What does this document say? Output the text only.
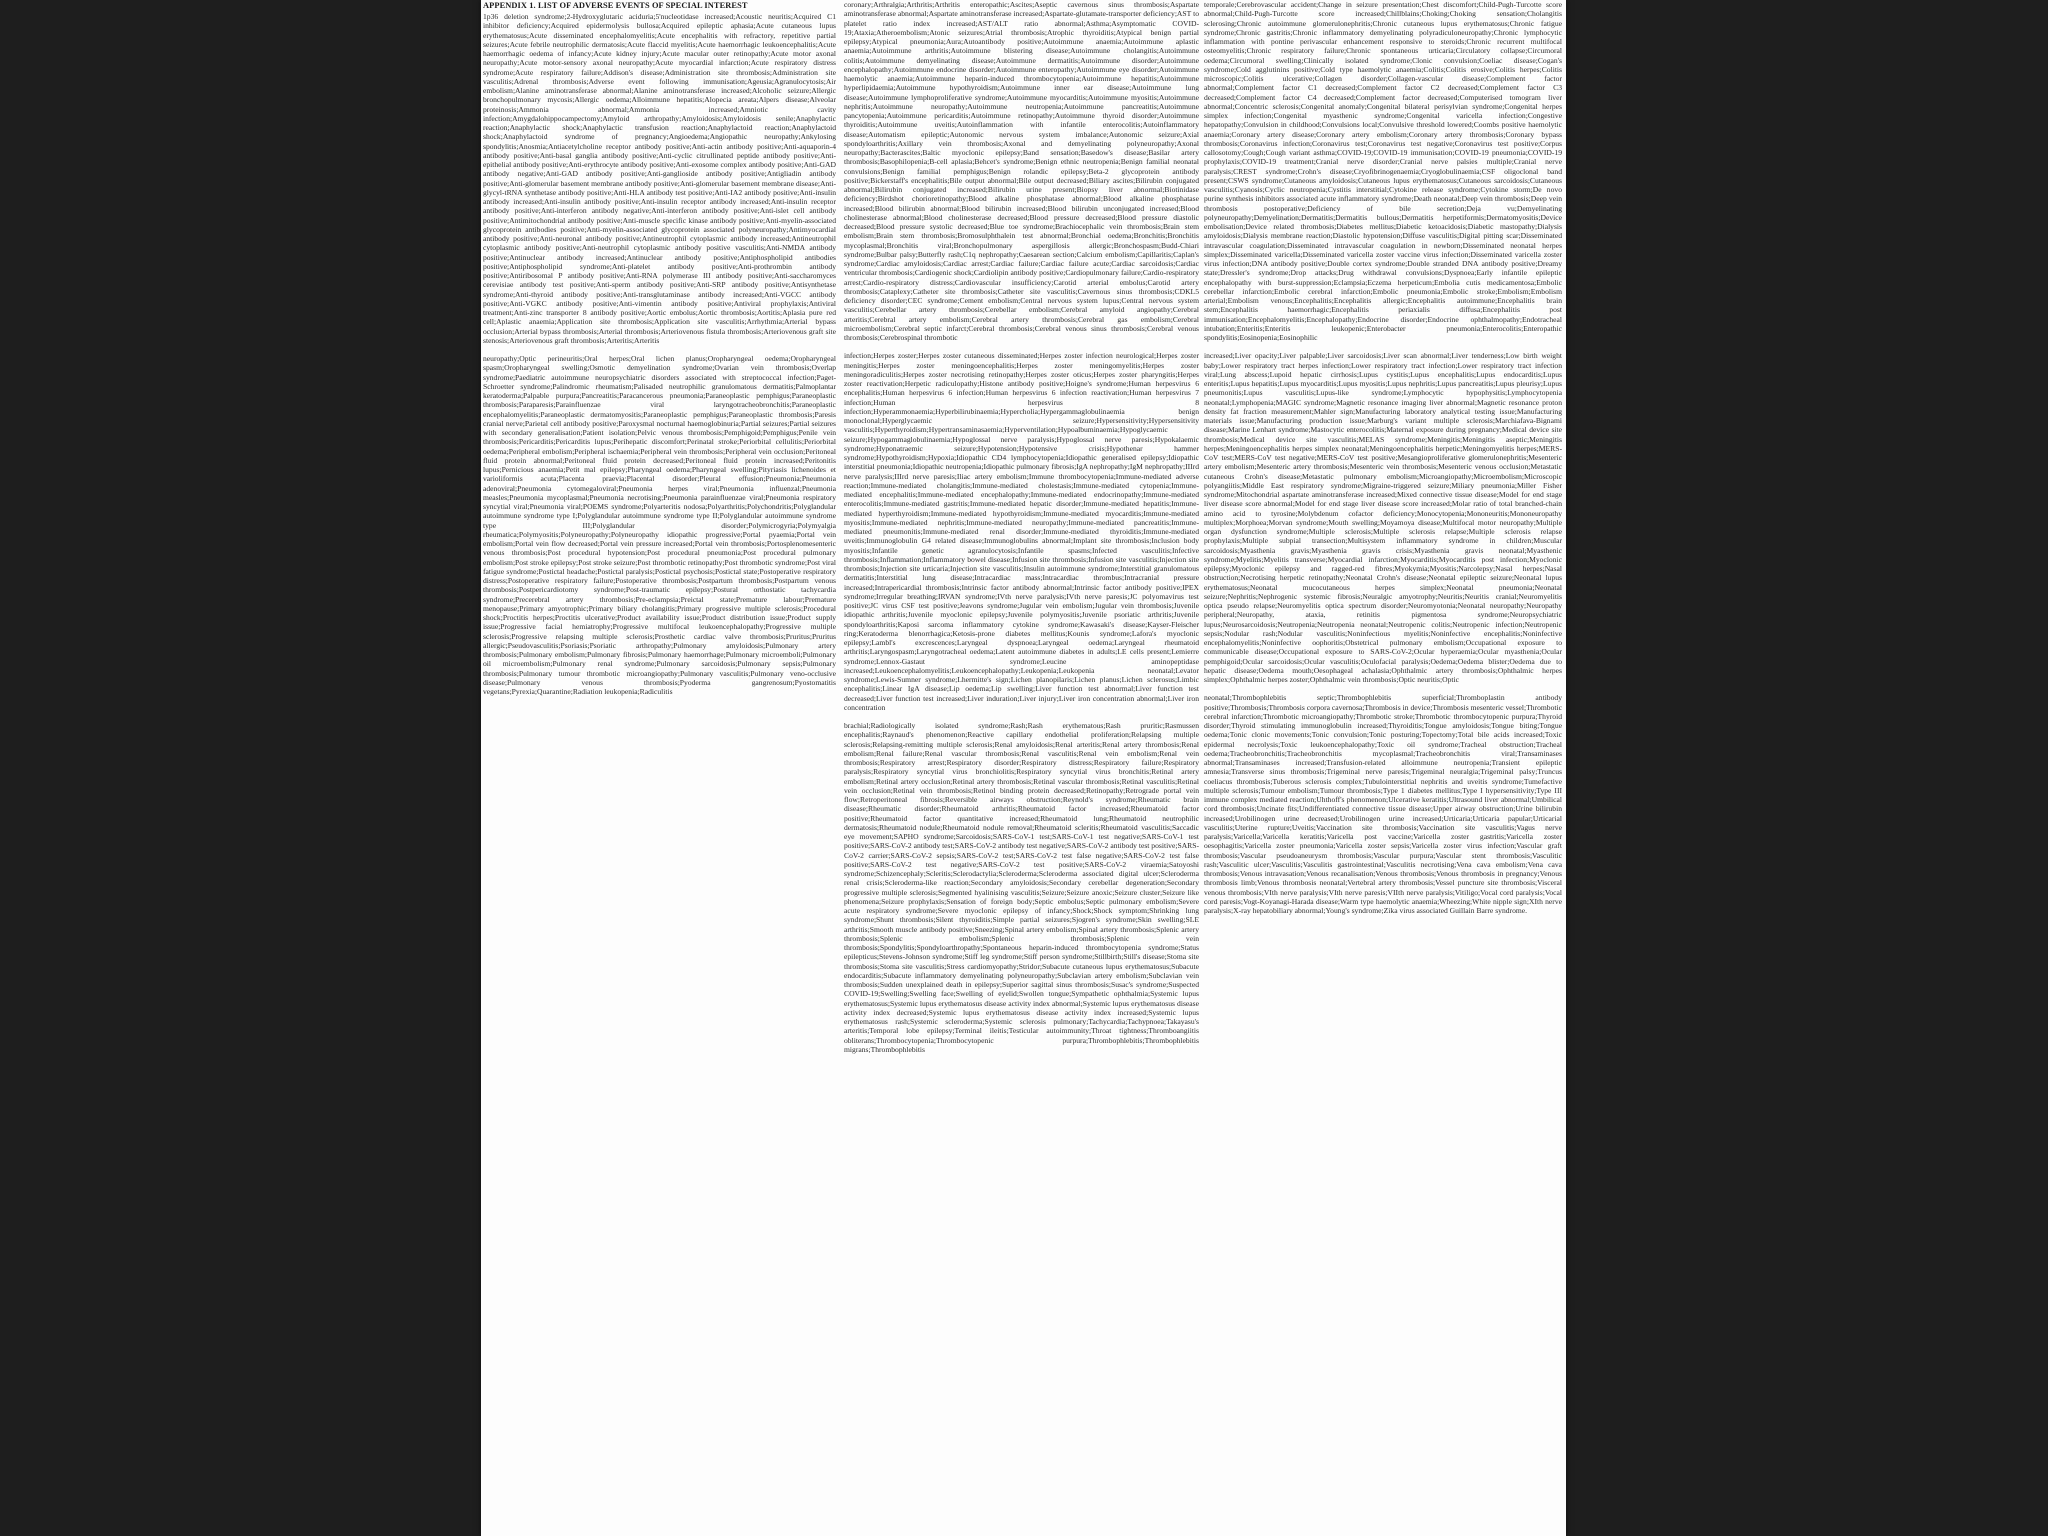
APPENDIX 1. LIST OF ADVERSE EVENTS OF SPECIAL INTEREST

1p36 deletion syndrome;2-Hydroxyglutaric aciduria;5'nucleotidase increased;Acoustic neuritis;Acquired C1 inhibitor deficiency;Acquired epidermolysis bullosa;Acquired epileptic aphasia;Acute cutaneous lupus erythematosus;Acute disseminated encephalomyelitis;Acute encephalitis with refractory, repetitive partial seizures;Acute febrile neutrophilic dermatosis;Acute flaccid myelitis;Acute haemorrhagic leukoencephalitis;Acute haemorrhagic oedema of infancy;Acute kidney injury;Acute macular outer retinopathy;Acute motor axonal neuropathy;Acute motor-sensory axonal neuropathy;Acute myocardial infarction;Acute respiratory distress syndrome;Acute respiratory failure;Addison's disease;Administration site thrombosis;Administration site vasculitis;Adrenal thrombosis;Adverse event following immunisation;Ageusia;Agranulocytosis;Air embolism;Alanine aminotransferase abnormal;Alanine aminotransferase increased;Alcoholic seizure;Allergic bronchopulmonary mycosis;Allergic oedema;Alloimmune hepatitis;Alopecia areata;Alpers disease;Alveolar proteinosis;Ammonia abnormal;Ammonia increased;Amniotic cavity infection;Amygdalohippocampectomy;Amyloid arthropathy;Amyloidosis;Amyloidosis senile;Anaphylactic reaction;Anaphylactic shock;Anaphylactic transfusion reaction;Anaphylactoid reaction;Anaphylactoid shock;Anaphylactoid syndrome of pregnancy;Angioedema;Angiopathic neuropathy;Ankylosing spondylitis;Anosmia;Antiacetylcholine receptor antibody positive;Anti-actin antibody positive;Anti-aquaporin-4 antibody positive;Anti-basal ganglia antibody positive;Anti-cyclic citrullinated peptide antibody positive;Anti-epithelial antibody positive;Anti-erythrocyte antibody positive;Anti-exosome complex antibody positive;Anti-GAD antibody negative;Anti-GAD antibody positive;Anti-ganglioside antibody positive;Antigliadin antibody positive;Anti-glomerular basement membrane antibody positive;Anti-glomerular basement membrane disease;Anti-glycyl-tRNA synthetase antibody positive;Anti-HLA antibody test positive;Anti-IA2 antibody positive;Anti-insulin antibody increased;Anti-insulin antibody positive;Anti-insulin receptor antibody increased;Anti-insulin receptor antibody positive;Anti-interferon antibody negative;Anti-interferon antibody positive;Anti-islet cell antibody positive;Antimitochondrial antibody positive;Anti-muscle specific kinase antibody positive;Anti-myelin-associated glycoprotein antibodies positive;Anti-myelin-associated glycoprotein associated polyneuropathy;Antimyocardial antibody positive;Anti-neuronal antibody positive;Antineutrophil cytoplasmic antibody increased;Antineutrophil cytoplasmic antibody positive;Anti-neutrophil cytoplasmic antibody positive vasculitis;Anti-NMDA antibody positive;Antinuclear antibody increased;Antinuclear antibody positive;Antiphospholipid antibodies positive;Antiphospholipid syndrome;Anti-platelet antibody positive;Anti-prothrombin antibody positive;Antiribosomal P antibody positive;Anti-RNA polymerase III antibody positive;Anti-saccharomyces cerevisiae antibody test positive;Anti-sperm antibody positive;Anti-SRP antibody positive;Antisynthetase syndrome;Anti-thyroid antibody positive;Anti-transglutaminase antibody increased;Anti-VGCC antibody positive;Anti-VGKC antibody positive;Anti-vimentin antibody positive;Antiviral prophylaxis;Antiviral treatment;Anti-zinc transporter 8 antibody positive;Aortic embolus;Aortic thrombosis;Aortitis;Aplasia pure red cell;Aplastic anaemia;Application site thrombosis;Application site vasculitis;Arrhythmia;Arterial bypass occlusion;Arterial bypass thrombosis;Arterial thrombosis;Arteriovenous fistula thrombosis;Arteriovenous graft site stenosis;Arteriovenous graft thrombosis;Arteritis;Arteritis

neuropathy;Optic perineuritis;Oral herpes;Oral lichen planus;Oropharyngeal oedema;Oropharyngeal spasm;Oropharyngeal swelling;Osmotic demyelination syndrome;Ovarian vein thrombosis;Overlap syndrome;Paediatric autoimmune neuropsychiatric disorders associated with streptococcal infection;Paget-Schroetter syndrome;Palindromic rheumatism;Palisaded neutrophilic granulomatous dermatitis;Palmoplantar keratoderma;Palpable purpura;Pancreatitis;Paracancerous pneumonia;Paraneoplastic pemphigus;Paraneoplastic thrombosis;Paraparesis;Parainfluenzae viral laryngotracheobronchitis;Paraneoplastic encephalomyelitis;Paraneoplastic dermatomyositis;Paraneoplastic pemphigus;Paraneoplastic thrombosis;Paresis cranial nerve;Parietal cell antibody positive;Paroxysmal nocturnal haemoglobinuria;Partial seizures;Partial seizures with secondary generalisation;Patient isolation;Pelvic venous thrombosis;Pemphigoid;Pemphigus;Penile vein thrombosis;Pericarditis;Pericarditis lupus;Perihepatic discomfort;Perinatal stroke;Periorbital cellulitis;Periorbital oedema;Peripheral embolism;Peripheral ischaemia;Peripheral vein thrombosis;Peripheral vein occlusion;Peritoneal fluid protein abnormal;Peritoneal fluid protein decreased;Peritoneal fluid protein increased;Peritonitis lupus;Pernicious anaemia;Petit mal epilepsy;Pharyngeal oedema;Pharyngeal swelling;Pityriasis lichenoides et varioliformis acuta;Placenta praevia;Placental disorder;Pleural effusion;Pneumonia;Pneumonia adenoviral;Pneumonia cytomegaloviral;Pneumonia herpes viral;Pneumonia influenzal;Pneumonia measles;Pneumonia mycoplasmal;Pneumonia necrotising;Pneumonia parainfluenzae viral;Pneumonia respiratory syncytial viral;Pneumonia viral;POEMS syndrome;Polyarteritis nodosa;Polyarthritis;Polychondritis;Polyglandular autoimmune syndrome type I;Polyglandular autoimmune syndrome type II;Polyglandular autoimmune syndrome type III;Polyglandular disorder;Polymicrogyria;Polymyalgia rheumatica;Polymyositis;Polyneuropathy;Polyneuropathy idiopathic progressive;Portal pyaemia;Portal vein embolism;Portal vein flow decreased;Portal vein pressure increased;Portal vein thrombosis;Portosplenomesenteric venous thrombosis;Post procedural hypotension;Post procedural pneumonia;Post procedural pulmonary embolism;Post stroke epilepsy;Post stroke seizure;Post thrombotic retinopathy;Post thrombotic syndrome;Post viral fatigue syndrome;Postictal headache;Postictal paralysis;Postictal psychosis;Postictal state;Postoperative respiratory distress;Postoperative respiratory failure;Postoperative thrombosis;Postpartum thrombosis;Postpartum venous thrombosis;Postpericardiotomy syndrome;Post-traumatic epilepsy;Postural orthostatic tachycardia syndrome;Precerebral artery thrombosis;Pre-eclampsia;Preictal state;Premature labour;Premature menopause;Primary amyotrophic;Primary biliary cholangitis;Primary progressive multiple sclerosis;Procedural shock;Proctitis herpes;Proctitis ulcerative;Product availability issue;Product distribution issue;Product supply issue;Progressive facial hemiatrophy;Progressive multifocal leukoencephalopathy;Progressive multiple sclerosis;Progressive relapsing multiple sclerosis;Prosthetic cardiac valve thrombosis;Pruritus;Pruritus allergic;Pseudovasculitis;Psoriasis;Psoriatic arthropathy;Pulmonary amyloidosis;Pulmonary artery thrombosis;Pulmonary embolism;Pulmonary fibrosis;Pulmonary haemorrhage;Pulmonary microemboli;Pulmonary oil microembolism;Pulmonary renal syndrome;Pulmonary sarcoidosis;Pulmonary sepsis;Pulmonary thrombosis;Pulmonary tumour thrombotic microangiopathy;Pulmonary vasculitis;Pulmonary veno-occlusive disease;Pulmonary venous thrombosis;Pyoderma gangrenosum;Pyostomatitis vegetans;Pyrexia;Quarantine;Radiation leukopenia;Radiculitis

coronary;Arthralgia;Arthritis;Arthritis enteropathic;Ascites;Aseptic cavernous sinus thrombosis;Aspartate aminotransferase abnormal;Aspartate aminotransferase increased;Aspartate-glutamate-transporter deficiency;AST to platelet ratio index increased;AST/ALT ratio abnormal;Asthma;Asymptomatic COVID-19;Ataxia;Atheroembolism;Atonic seizures;Atrial thrombosis;Atrophic thyroiditis;Atypical benign partial epilepsy;Atypical pneumonia;Aura;Autoantibody positive;Autoimmune anaemia;Autoimmune aplastic anaemia;Autoimmune arthritis;Autoimmune blistering disease;Autoimmune cholangitis;Autoimmune colitis;Autoimmune demyelinating disease;Autoimmune dermatitis;Autoimmune disorder;Autoimmune encephalopathy;Autoimmune endocrine disorder;Autoimmune enteropathy;Autoimmune eye disorder;Autoimmune haemolytic anaemia;Autoimmune heparin-induced thrombocytopenia;Autoimmune hepatitis;Autoimmune hyperlipidaemia;Autoimmune hypothyroidism;Autoimmune inner ear disease;Autoimmune lung disease;Autoimmune lymphoproliferative syndrome;Autoimmune myocarditis;Autoimmune myositis;Autoimmune nephritis;Autoimmune neuropathy;Autoimmune neutropenia;Autoimmune pancreatitis;Autoimmune pancytopenia;Autoimmune pericarditis;Autoimmune retinopathy;Autoimmune thyroid disorder;Autoimmune thyroiditis;Autoimmune uveitis;Autoinflammation with infantile enterocolitis;Autoinflammatory disease;Automatism epileptic;Autonomic nervous system imbalance;Autonomic seizure;Axial spondyloarthritis;Axillary vein thrombosis;Axonal and demyelinating polyneuropathy;Axonal neuropathy;Bacterascites;Baltic myoclonic epilepsy;Band sensation;Basedow's disease;Basilar artery thrombosis;Basophilopenia;B-cell aplasia;Behcet's syndrome;Benign ethnic neutropenia;Benign familial neonatal convulsions;Benign familial pemphigus;Benign rolandic epilepsy;Beta-2 glycoprotein antibody positive;Bickerstaff's encephalitis;Bile output abnormal;Bile output decreased;Biliary ascites;Bilirubin conjugated abnormal;Bilirubin conjugated increased;Bilirubin urine present;Biopsy liver abnormal;Biotinidase deficiency;Birdshot chorioretinopathy;Blood alkaline phosphatase abnormal;Blood alkaline phosphatase increased;Blood bilirubin abnormal;Blood bilirubin increased;Blood bilirubin unconjugated increased;Blood cholinesterase abnormal;Blood cholinesterase decreased;Blood pressure decreased;Blood pressure diastolic decreased;Blood pressure systolic decreased;Blue toe syndrome;Brachiocephalic vein thrombosis;Brain stem embolism;Brain stem thrombosis;Bromosulphthalein test abnormal;Bronchial oedema;Bronchitis;Bronchitis mycoplasmal;Bronchitis viral;Bronchopulmonary aspergillosis allergic;Bronchospasm;Budd-Chiari syndrome;Bulbar palsy;Butterfly rash;C1q nephropathy;Caesarean section;Calcium embolism;Capillaritis;Caplan's syndrome;Cardiac amyloidosis;Cardiac arrest;Cardiac failure;Cardiac failure acute;Cardiac sarcoidosis;Cardiac ventricular thrombosis;Cardiogenic shock;Cardiolipin antibody positive;Cardiopulmonary failure;Cardio-respiratory arrest;Cardio-respiratory distress;Cardiovascular insufficiency;Carotid arterial embolus;Carotid artery thrombosis;Cataplexy;Catheter site thrombosis;Catheter site vasculitis;Cavernous sinus thrombosis;CDKL5 deficiency disorder;CEC syndrome;Cement embolism;Central nervous system lupus;Central nervous system vasculitis;Cerebellar artery thrombosis;Cerebellar embolism;Cerebral amyloid angiopathy;Cerebral arteritis;Cerebral artery embolism;Cerebral artery thrombosis;Cerebral gas embolism;Cerebral microembolism;Cerebral septic infarct;Cerebral thrombosis;Cerebral venous sinus thrombosis;Cerebral venous thrombosis;Cerebrospinal thrombotic

infection;Herpes zoster;Herpes zoster cutaneous disseminated;Herpes zoster infection neurological;Herpes zoster meningitis;Herpes zoster meningoencephalitis;Herpes zoster meningomyelitis;Herpes zoster meningoradiculitis;Herpes zoster necrotising retinopathy;Herpes zoster oticus;Herpes zoster pharyngitis;Herpes zoster reactivation;Herpetic radiculopathy;Histone antibody positive;Hoigne's syndrome;Human herpesvirus 6 encephalitis;Human herpesvirus 6 infection;Human herpesvirus 6 infection reactivation;Human herpesvirus 7 infection;Human herpesvirus 8 infection;Hyperammonaemia;Hyperbilirubinaemia;Hypercholia;Hypergammaglobulinaemia benign monoclonal;Hyperglycaemic seizure;Hypersensitivity;Hypersensitivity vasculitis;Hyperthyroidism;Hypertransaminasaemia;Hyperventilation;Hypoalbuminaemia;Hypoglycaemic seizure;Hypogammaglobulinaemia;Hypoglossal nerve paralysis;Hypoglossal nerve paresis;Hypokalaemic syndrome;Hyponatraemic seizure;Hypotension;Hypotensive crisis;Hypothenar hammer syndrome;Hypothyroidism;Hypoxia;Idiopathic CD4 lymphocytopenia;Idiopathic generalised epilepsy;Idiopathic interstitial pneumonia;Idiopathic neutropenia;Idiopathic pulmonary fibrosis;IgA nephropathy;IgM nephropathy;IIIrd nerve paralysis;IIIrd nerve paresis;Iliac artery embolism;Immune thrombocytopenia;Immune-mediated adverse reaction;Immune-mediated cholangitis;Immune-mediated cholestasis;Immune-mediated cytopenia;Immune-mediated encephalitis;Immune-mediated encephalopathy;Immune-mediated endocrinopathy;Immune-mediated enterocolitis;Immune-mediated gastritis;Immune-mediated hepatic disorder;Immune-mediated hepatitis;Immune-mediated hyperthyroidism;Immune-mediated hypothyroidism;Immune-mediated myocarditis;Immune-mediated myositis;Immune-mediated nephritis;Immune-mediated neuropathy;Immune-mediated pancreatitis;Immune-mediated pneumonitis;Immune-mediated renal disorder;Immune-mediated thyroiditis;Immune-mediated uveitis;Immunoglobulin G4 related disease;Immunoglobulins abnormal;Implant site thrombosis;Inclusion body myositis;Infantile genetic agranulocytosis;Infantile spasms;Infected vasculitis;Infective thrombosis;Inflammation;Inflammatory bowel disease;Infusion site thrombosis;Infusion site vasculitis;Injection site thrombosis;Injection site urticaria;Injection site vasculitis;Insulin autoimmune syndrome;Interstitial granulomatous dermatitis;Interstitial lung disease;Intracardiac mass;Intracardiac thrombus;Intracranial pressure increased;Intrapericardial thrombosis;Intrinsic factor antibody abnormal;Intrinsic factor antibody positive;IPEX syndrome;Irregular breathing;IRVAN syndrome;IVth nerve paralysis;IVth nerve paresis;JC polyomavirus test positive;JC virus CSF test positive;Jeavons syndrome;Jugular vein embolism;Jugular vein thrombosis;Juvenile idiopathic arthritis;Juvenile myoclonic epilepsy;Juvenile polymyositis;Juvenile psoriatic arthritis;Juvenile spondyloarthritis;Kaposi sarcoma inflammatory cytokine syndrome;Kawasaki's disease;Kayser-Fleischer ring;Keratoderma blenorrhagica;Ketosis-prone diabetes mellitus;Kounis syndrome;Lafora's myoclonic epilepsy;Lambl's excrescences;Laryngeal dyspnoea;Laryngeal oedema;Laryngeal rheumatoid arthritis;Laryngospasm;Laryngotracheal oedema;Latent autoimmune diabetes in adults;LE cells present;Lemierre syndrome;Lennox-Gastaut syndrome;Leucine aminopeptidase increased;Leukoencephalomyelitis;Leukoencephalopathy;Leukopenia;Leukopenia neonatal;Levator syndrome;Lewis-Sumner syndrome;Lhermitte's sign;Lichen planopilaris;Lichen planus;Lichen sclerosus;Limbic encephalitis;Linear IgA disease;Lip oedema;Lip swelling;Liver function test abnormal;Liver function test decreased;Liver function test increased;Liver induration;Liver injury;Liver iron concentration abnormal;Liver iron concentration

brachial;Radiologically isolated syndrome;Rash;Rash erythematous;Rash pruritic;Rasmussen encephalitis;Raynaud's phenomenon;Reactive capillary endothelial proliferation;Relapsing multiple sclerosis;Relapsing-remitting multiple sclerosis;Renal amyloidosis;Renal arteritis;Renal artery thrombosis;Renal embolism;Renal failure;Renal vascular thrombosis;Renal vasculitis;Renal vein embolism;Renal vein thrombosis;Respiratory arrest;Respiratory disorder;Respiratory distress;Respiratory failure;Respiratory paralysis;Respiratory syncytial virus bronchiolitis;Respiratory syncytial virus bronchitis;Retinal artery embolism;Retinal artery occlusion;Retinal artery thrombosis;Retinal vascular thrombosis;Retinal vasculitis;Retinal vein occlusion;Retinal vein thrombosis;Retinol binding protein decreased;Retinopathy;Retrograde portal vein flow;Retroperitoneal fibrosis;Reversible airways obstruction;Reynold's syndrome;Rheumatic brain disease;Rheumatic disorder;Rheumatoid arthritis;Rheumatoid factor increased;Rheumatoid factor positive;Rheumatoid factor quantitative increased;Rheumatoid lung;Rheumatoid neutrophilic dermatosis;Rheumatoid nodule;Rheumatoid nodule removal;Rheumatoid scleritis;Rheumatoid vasculitis;Saccadic eye movement;SAPHO syndrome;Sarcoidosis;SARS-CoV-1 test;SARS-CoV-1 test negative;SARS-CoV-1 test positive;SARS-CoV-2 antibody test;SARS-CoV-2 antibody test negative;SARS-CoV-2 antibody test positive;SARS-CoV-2 carrier;SARS-CoV-2 sepsis;SARS-CoV-2 test;SARS-CoV-2 test false negative;SARS-CoV-2 test false positive;SARS-CoV-2 test negative;SARS-CoV-2 test positive;SARS-CoV-2 viraemia;Satoyoshi syndrome;Schizencephaly;Scleritis;Sclerodactylia;Scleroderma;Scleroderma associated digital ulcer;Scleroderma renal crisis;Scleroderma-like reaction;Secondary amyloidosis;Secondary cerebellar degeneration;Secondary progressive multiple sclerosis;Segmented hyalinising vasculitis;Seizure;Seizure anoxic;Seizure cluster;Seizure like phenomena;Seizure prophylaxis;Sensation of foreign body;Septic embolus;Septic pulmonary embolism;Severe acute respiratory syndrome;Severe myoclonic epilepsy of infancy;Shock;Shock symptom;Shrinking lung syndrome;Shunt thrombosis;Silent thyroiditis;Simple partial seizures;Sjogren's syndrome;Skin swelling;SLE arthritis;Smooth muscle antibody positive;Sneezing;Spinal artery embolism;Spinal artery thrombosis;Splenic artery thrombosis;Splenic embolism;Splenic thrombosis;Splenic vein thrombosis;Spondylitis;Spondyloarthropathy;Spontaneous heparin-induced thrombocytopenia syndrome;Status epilepticus;Stevens-Johnson syndrome;Stiff leg syndrome;Stiff person syndrome;Stillbirth;Still's disease;Stoma site thrombosis;Stoma site vasculitis;Stress cardiomyopathy;Stridor;Subacute cutaneous lupus erythematosus;Subacute endocarditis;Subacute inflammatory demyelinating polyneuropathy;Subclavian artery embolism;Subclavian vein thrombosis;Sudden unexplained death in epilepsy;Superior sagittal sinus thrombosis;Susac's syndrome;Suspected COVID-19;Swelling;Swelling face;Swelling of eyelid;Swollen tongue;Sympathetic ophthalmia;Systemic lupus erythematosus;Systemic lupus erythematosus disease activity index abnormal;Systemic lupus erythematosus disease activity index decreased;Systemic lupus erythematosus disease activity index increased;Systemic lupus erythematosus rash;Systemic scleroderma;Systemic sclerosis pulmonary;Tachycardia;Tachypnoea;Takayasu's arteritis;Temporal lobe epilepsy;Terminal ileitis;Testicular autoimmunity;Throat tightness;Thromboangiitis obliterans;Thrombocytopenia;Thrombocytopenic purpura;Thrombophlebitis;Thrombophlebitis migrans;Thrombophlebitis

temporale;Cerebrovascular accident;Change in seizure presentation;Chest discomfort;Child-Pugh-Turcotte score abnormal;Child-Pugh-Turcotte score increased;Chillblains;Choking;Choking sensation;Cholangitis sclerosing;Chronic autoimmune glomerulonephritis;Chronic cutaneous lupus erythematosus;Chronic fatigue syndrome;Chronic gastritis;Chronic inflammatory demyelinating polyradiculoneuropathy;Chronic lymphocytic inflammation with pontine perivascular enhancement responsive to steroids;Chronic recurrent multifocal osteomyelitis;Chronic respiratory failure;Chronic spontaneous urticaria;Circulatory collapse;Circumoral oedema;Circumoral swelling;Clinically isolated syndrome;Clonic convulsion;Coeliac disease;Cogan's syndrome;Cold agglutinins positive;Cold type haemolytic anaemia;Colitis;Colitis erosive;Colitis herpes;Colitis microscopic;Colitis ulcerative;Collagen disorder;Collagen-vascular disease;Complement factor abnormal;Complement factor C1 decreased;Complement factor C2 decreased;Complement factor C3 decreased;Complement factor C4 decreased;Complement factor decreased;Computerised tomogram liver abnormal;Concentric sclerosis;Congenital anomaly;Congenital bilateral perisylvian syndrome;Congenital herpes simplex infection;Congenital myasthenic syndrome;Congenital varicella infection;Congestive hepatopathy;Convulsion in childhood;Convulsions local;Convulsive threshold lowered;Coombs positive haemolytic anaemia;Coronary artery disease;Coronary artery embolism;Coronary artery thrombosis;Coronary bypass thrombosis;Coronavirus infection;Coronavirus test;Coronavirus test negative;Coronavirus test positive;Corpus callosotomy;Cough;Cough variant asthma;COVID-19;COVID-19 immunisation;COVID-19 pneumonia;COVID-19 prophylaxis;COVID-19 treatment;Cranial nerve disorder;Cranial nerve palsies multiple;Cranial nerve paralysis;CREST syndrome;Crohn's disease;Cryofibrinogenaemia;Cryoglobulinaemia;CSF oligoclonal band present;CSWS syndrome;Cutaneous amyloidosis;Cutaneous lupus erythematosus;Cutaneous sarcoidosis;Cutaneous vasculitis;Cyanosis;Cyclic neutropenia;Cystitis interstitial;Cytokine release syndrome;Cytokine storm;De novo purine synthesis inhibitors associated acute inflammatory syndrome;Death neonatal;Deep vein thrombosis;Deep vein thrombosis postoperative;Deficiency of bile secretion;Deja vu;Demyelinating polyneuropathy;Demyelination;Dermatitis;Dermatitis bullous;Dermatitis herpetiformis;Dermatomyositis;Device embolisation;Device related thrombosis;Diabetes mellitus;Diabetic ketoacidosis;Diabetic mastopathy;Dialysis amyloidosis;Dialysis membrane reaction;Diastolic hypotension;Diffuse vasculitis;Digital pitting scar;Disseminated intravascular coagulation;Disseminated intravascular coagulation in newborn;Disseminated neonatal herpes simplex;Disseminated varicella;Disseminated varicella zoster vaccine virus infection;Disseminated varicella zoster virus infection;DNA antibody positive;Double cortex syndrome;Double stranded DNA antibody positive;Dreamy state;Dressler's syndrome;Drop attacks;Drug withdrawal convulsions;Dyspnoea;Early infantile epileptic encephalopathy with burst-suppression;Eclampsia;Eczema herpeticum;Embolia cutis medicamentosa;Embolic cerebellar infarction;Embolic cerebral infarction;Embolic pneumonia;Embolic stroke;Embolism;Embolism arterial;Embolism venous;Encephalitis;Encephalitis allergic;Encephalitis autoimmune;Encephalitis brain stem;Encephalitis haemorrhagic;Encephalitis periaxialis diffusa;Encephalitis post immunisation;Encephalomyelitis;Encephalopathy;Endocrine disorder;Endocrine ophthalmopathy;Endotracheal intubation;Enteritis;Enteritis leukopenic;Enterobacter pneumonia;Enterocolitis;Enteropathic spondylitis;Eosinopenia;Eosinophilic

increased;Liver opacity;Liver palpable;Liver sarcoidosis;Liver scan abnormal;Liver tenderness;Low birth weight baby;Lower respiratory tract herpes infection;Lower respiratory tract infection;Lower respiratory tract infection viral;Lung abscess;Lupoid hepatic cirrhosis;Lupus cystitis;Lupus encephalitis;Lupus endocarditis;Lupus enteritis;Lupus hepatitis;Lupus myocarditis;Lupus myositis;Lupus nephritis;Lupus pancreatitis;Lupus pleurisy;Lupus pneumonitis;Lupus vasculitis;Lupus-like syndrome;Lymphocytic hypophysitis;Lymphocytopenia neonatal;Lymphopenia;MAGIC syndrome;Magnetic resonance imaging liver abnormal;Magnetic resonance proton density fat fraction measurement;Mahler sign;Manufacturing laboratory analytical testing issue;Manufacturing materials issue;Manufacturing production issue;Marburg's variant multiple sclerosis;Marchiafava-Bignami disease;Marine Lenhart syndrome;Mastocytic enterocolitis;Maternal exposure during pregnancy;Medical device site thrombosis;Medical device site vasculitis;MELAS syndrome;Meningitis;Meningitis aseptic;Meningitis herpes;Meningoencephalitis herpes simplex neonatal;Meningoencephalitis herpetic;Meningomyelitis herpes;MERS-CoV test;MERS-CoV test negative;MERS-CoV test positive;Mesangioproliferative glomerulonephritis;Mesenteric artery embolism;Mesenteric artery thrombosis;Mesenteric vein thrombosis;Mesenteric venous occlusion;Metastatic cutaneous Crohn's disease;Metastatic pulmonary embolism;Microangiopathy;Microembolism;Microscopic polyangiitis;Middle East respiratory syndrome;Migraine-triggered seizure;Miliary pneumonia;Miller Fisher syndrome;Mitochondrial aspartate aminotransferase increased;Mixed connective tissue disease;Model for end stage liver disease score abnormal;Model for end stage liver disease score increased;Molar ratio of total branched-chain amino acid to tyrosine;Molybdenum cofactor deficiency;Monocytopenia;Mononeuritis;Mononeuropathy multiplex;Morphoea;Morvan syndrome;Mouth swelling;Moyamoya disease;Multifocal motor neuropathy;Multiple organ dysfunction syndrome;Multiple sclerosis;Multiple sclerosis relapse;Multiple sclerosis relapse prophylaxis;Multiple subpial transection;Multisystem inflammatory syndrome in children;Muscular sarcoidosis;Myasthenia gravis;Myasthenia gravis crisis;Myasthenia gravis neonatal;Myasthenic syndrome;Myelitis;Myelitis transverse;Myocardial infarction;Myocarditis;Myocarditis post infection;Myoclonic epilepsy;Myoclonic epilepsy and ragged-red fibres;Myokymia;Myositis;Narcolepsy;Nasal herpes;Nasal obstruction;Necrotising herpetic retinopathy;Neonatal Crohn's disease;Neonatal epileptic seizure;Neonatal lupus erythematosus;Neonatal mucocutaneous herpes simplex;Neonatal pneumonia;Neonatal seizure;Nephritis;Nephrogenic systemic fibrosis;Neuralgic amyotrophy;Neuritis;Neuritis cranial;Neuromyelitis optica pseudo relapse;Neuromyelitis optica spectrum disorder;Neuromyotonia;Neonatal neuropathy;Neuropathy peripheral;Neuropathy, ataxia, retinitis pigmentosa syndrome;Neuropsychiatric lupus;Neurosarcoidosis;Neutropenia;Neutropenia neonatal;Neutropenic colitis;Neutropenic infection;Neutropenic sepsis;Nodular rash;Nodular vasculitis;Noninfectious myelitis;Noninfective encephalitis;Noninfective encephalomyelitis;Noninfective oophoritis;Obstetrical pulmonary embolism;Occupational exposure to communicable disease;Occupational exposure to SARS-CoV-2;Ocular hyperaemia;Ocular myasthenia;Ocular pemphigoid;Ocular sarcoidosis;Ocular vasculitis;Oculofacial paralysis;Oedema;Oedema blister;Oedema due to hepatic disease;Oedema mouth;Oesophageal achalasia;Ophthalmic artery thrombosis;Ophthalmic herpes simplex;Ophthalmic herpes zoster;Ophthalmic vein thrombosis;Optic neuritis;Optic

neonatal;Thrombophlebitis septic;Thrombophlebitis superficial;Thromboplastin antibody positive;Thrombosis;Thrombosis corpora cavernosa;Thrombosis in device;Thrombosis mesenteric vessel;Thrombotic cerebral infarction;Thrombotic microangiopathy;Thrombotic stroke;Thrombotic thrombocytopenic purpura;Thyroid disorder;Thyroid stimulating immunoglobulin increased;Thyroiditis;Tongue amyloidosis;Tongue biting;Tongue oedema;Tonic clonic movements;Tonic convulsion;Tonic posturing;Topectomy;Total bile acids increased;Toxic epidermal necrolysis;Toxic leukoencephalopathy;Toxic oil syndrome;Tracheal obstruction;Tracheal oedema;Tracheobronchitis;Tracheobronchitis mycoplasmal;Tracheobronchitis viral;Transaminases abnormal;Transaminases increased;Transfusion-related alloimmune neutropenia;Transient epileptic amnesia;Transverse sinus thrombosis;Trigeminal nerve paresis;Trigeminal neuralgia;Trigeminal palsy;Truncus coeliacus thrombosis;Tuberous sclerosis complex;Tubulointerstitial nephritis and uveitis syndrome;Tumefactive multiple sclerosis;Tumour embolism;Tumour thrombosis;Type 1 diabetes mellitus;Type I hypersensitivity;Type III immune complex mediated reaction;Uhthoff's phenomenon;Ulcerative keratitis;Ultrasound liver abnormal;Umbilical cord thrombosis;Uncinate fits;Undifferentiated connective tissue disease;Upper airway obstruction;Urine bilirubin increased;Urobilinogen urine decreased;Urobilinogen urine increased;Urticaria;Urticaria papular;Urticarial vasculitis;Uterine rupture;Uveitis;Vaccination site thrombosis;Vaccination site vasculitis;Vagus nerve paralysis;Varicella;Varicella keratitis;Varicella post vaccine;Varicella zoster gastritis;Varicella zoster oesophagitis;Varicella zoster pneumonia;Varicella zoster sepsis;Varicella zoster virus infection;Vascular graft thrombosis;Vascular pseudoaneurysm thrombosis;Vascular purpura;Vascular stent thrombosis;Vasculitic rash;Vasculitic ulcer;Vasculitis;Vasculitis gastrointestinal;Vasculitis necrotising;Vena cava embolism;Vena cava thrombosis;Venous intravasation;Venous recanalisation;Venous thrombosis;Venous thrombosis in pregnancy;Venous thrombosis limb;Venous thrombosis neonatal;Vertebral artery thrombosis;Vessel puncture site thrombosis;Visceral venous thrombosis;VIth nerve paralysis;VIth nerve paresis;VIIth nerve paralysis;Vitiligo;Vocal cord paralysis;Vocal cord paresis;Vogt-Koyanagi-Harada disease;Warm type haemolytic anaemia;Wheezing;White nipple sign;XIth nerve paralysis;X-ray hepatobiliary abnormal;Young's syndrome;Zika virus associated Guillain Barre syndrome.
